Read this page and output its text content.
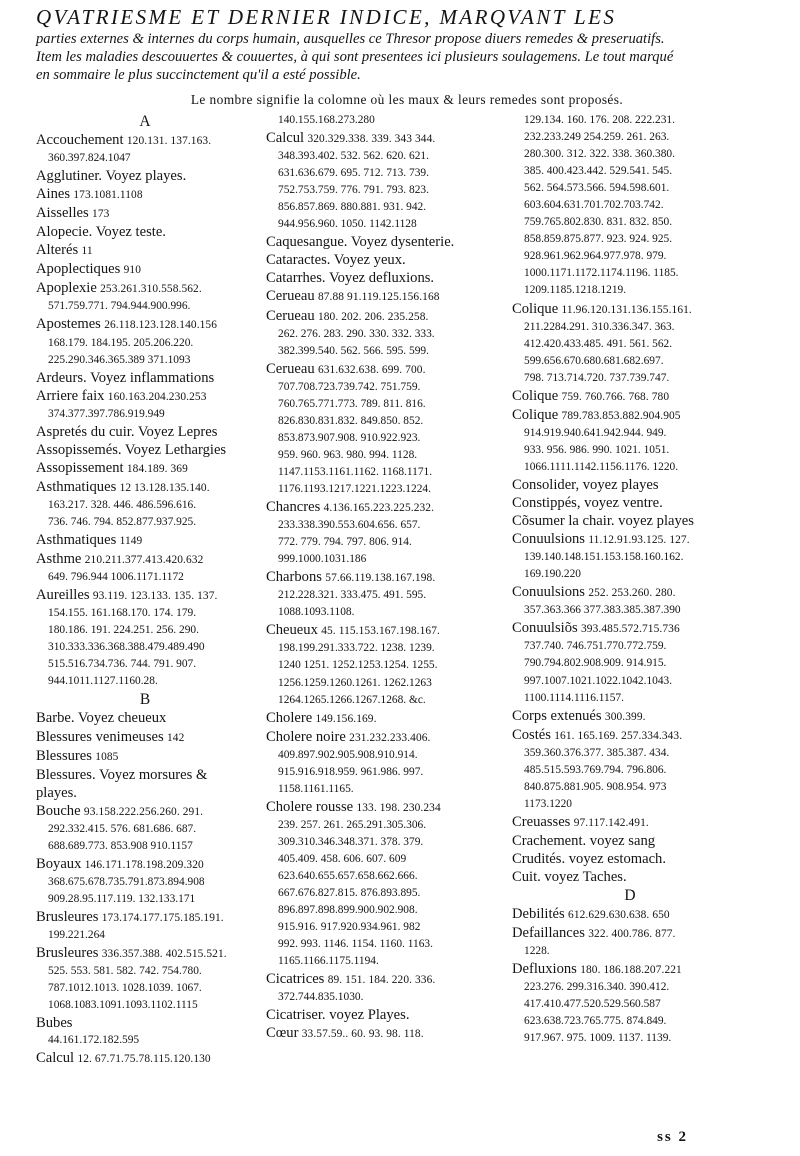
QVATRIESME ET DERNIER INDICE, MARQVANT LES
parties externes & internes du corps humain, ausquelles ce Thresor propose diuers remedes & preseruatifs.
Item les maladies descouuertes & couuertes, à qui sont presentees ici plusieurs soulagemens. Le tout marqué
en sommaire le plus succinctement qu'il a esté possible.
Le nombre signifie la colomne où les maux & leurs remedes sont proposés.
A
Accouchement 120.131. 137.163.
360.397.824.1047
Agglutiner. Voyez playes.
Aines 173.1081.1108
Aisselles 173
Alopecie. Voyez teste.
Alterés 11
Apoplectiques 910
Apoplexie 253.261.310.558.562.
571.759.771. 794.944.900.996.
Apostemes 26.118.123.128.140.156
168.179. 184.195. 205.206.220.
225.290.346.365.389 371.1093
Ardeurs. Voyez inflammations
Arriere faix 160.163.204.230.253
374.377.397.786.919.949
Aspretés du cuir. Voyez Lepres
Assopissemés. Voyez Lethargies
Assopissement 184.189. 369
Asthmatiques 12 13.128.135.140.
163.217. 328. 446. 486.596.616.
736. 746. 794. 852.877.937.925.
Asthmatiques 1149
Asthme 210.211.377.413.420.632
649. 796.944 1006.1171.1172
Aureilles 93.119. 123.133. 135. 137.
154.155. 161.168.170. 174. 179.
180.186. 191. 224.251. 256. 290.
310.333.336.368.388.479.489.490
515.516.734.736. 744. 791. 907.
944.1011.1127.1160.28.
B
Barbe. Voyez cheueux
Blessures venimeuses 142
Blessures 1085
Blessures. Voyez morsures &
playes.
Bouche 93.158.222.256.260. 291.
292.332.415. 576. 681.686. 687.
688.689.773. 853.908 910.1157
Boyaux 146.171.178.198.209.320
368.675.678.735.791.873.894.908
909.28.95.117.119. 132.133.171
Brusleures 173.174.177.175.185.191.
199.221.264
Brusleures 336.357.388. 402.515.521.
525. 553. 581. 582. 742. 754.780.
787.1012.1013. 1028.1039. 1067.
1068.1083.1091.1093.1102.1115
Bubes
44.161.172.182.595
Calcul 12. 67.71.75.78.115.120.130
140.155.168.273.280
Calcul 320.329.338. 339. 343 344.
348.393.402. 532. 562. 620. 621.
631.636.679. 695. 712. 713. 739.
752.753.759. 776. 791. 793. 823.
856.857.869. 880.881. 931. 942.
944.956.960. 1050. 1142.1128
Caquesangue. Voyez dysenterie.
Cataractes. Voyez yeux.
Catarrhes. Voyez defluxions.
Cerueau 87.88 91.119.125.156.168
Cerueau 180. 202. 206. 235.258.
262. 276. 283. 290. 330. 332. 333.
382.399.540. 562. 566. 595. 599.
Cerueau 631.632.638. 699. 700.
707.708.723.739.742. 751.759.
760.765.771.773. 789. 811. 816.
826.830.831.832. 849.850. 852.
853.873.907.908. 910.922.923.
959. 960. 963. 980. 994. 1128.
1147.1153.1161.1162. 1168.1171.
1176.1193.1217.1221.1223.1224.
Chancres 4.136.165.223.225.232.
233.338.390.553.604.656. 657.
772. 779. 794. 797. 806. 914.
999.1000.1031.186
Charbons 57.66.119.138.167.198.
212.228.321. 333.475. 491. 595.
1088.1093.1108.
Cheueux 45. 115.153.167.198.167.
198.199.291.333.722. 1238. 1239.
1240 1251. 1252.1253.1254. 1255.
1256.1259.1260.1261. 1262.1263
1264.1265.1266.1267.1268. &c.
Cholere 149.156.169.
Cholere noire 231.232.233.406.
409.897.902.905.908.910.914.
915.916.918.959. 961.986. 997.
1158.1161.1165.
Cholere rousse 133. 198. 230.234
239. 257. 261. 265.291.305.306.
309.310.346.348.371. 378. 379.
405.409. 458. 606. 607. 609
623.640.655.657.658.662.666.
667.676.827.815. 876.893.895.
896.897.898.899.900.902.908.
915.916. 917.920.934.961. 982
992. 993. 1146. 1154. 1160. 1163.
1165.1166.1175.1194.
Cicatrices 89. 151. 184. 220. 336.
372.744.835.1030.
Cicatriser. voyez Playes.
Cœur 33.57.59.. 60. 93. 98. 118.
129.134. 160. 176. 208. 222.231.
232.233.249 254.259. 261. 263.
280.300. 312. 322. 338. 360.380.
385. 400.423.442. 529.541. 545.
562. 564.573.566. 594.598.601.
603.604.631.701.702.703.742.
759.765.802.830. 831. 832. 850.
858.859.875.877. 923. 924. 925.
928.961.962.964.977.978. 979.
1000.1171.1172.1174.1196. 1185.
1209.1185.1218.1219.
Colique 11.96.120.131.136.155.161.
211.2284.291. 310.336.347. 363.
412.420.433.485. 491. 561. 562.
599.656.670.680.681.682.697.
798. 713.714.720. 737.739.747.
Colique 759. 760.766. 768. 780
Colique 789.783.853.882.904.905
914.919.940.641.942.944. 949.
933. 956. 986. 990. 1021. 1051.
1066.1111.1142.1156.1176. 1220.
Consolider, voyez playes
Constippés, voyez ventre.
Cõsumer la chair. voyez playes
Conuulsions 11.12.91.93.125. 127.
139.140.148.151.153.158.160.162.
169.190.220
Conuulsions 252. 253.260. 280.
357.363.366 377.383.385.387.390
Conuulsiõs 393.485.572.715.736
737.740. 746.751.770.772.759.
790.794.802.908.909. 914.915.
997.1007.1021.1022.1042.1043.
1100.1114.1116.1157.
Corps extenués 300.399.
Costés 161. 165.169. 257.334.343.
359.360.376.377. 385.387. 434.
485.515.593.769.794. 796.806.
840.875.881.905. 908.954. 973
1173.1220
Creuasses 97.117.142.491.
Crachement. voyez sang
Crudités. voyez estomach.
Cuit. voyez Taches.
D
Debilités 612.629.630.638. 650
Defaillances 322. 400.786. 877.
1228.
Defluxions 180. 186.188.207.221
223.276. 299.316.340. 390.412.
417.410.477.520.529.560.587
623.638.723.765.775. 874.849.
917.967. 975. 1009. 1137. 1139.
ss 2
